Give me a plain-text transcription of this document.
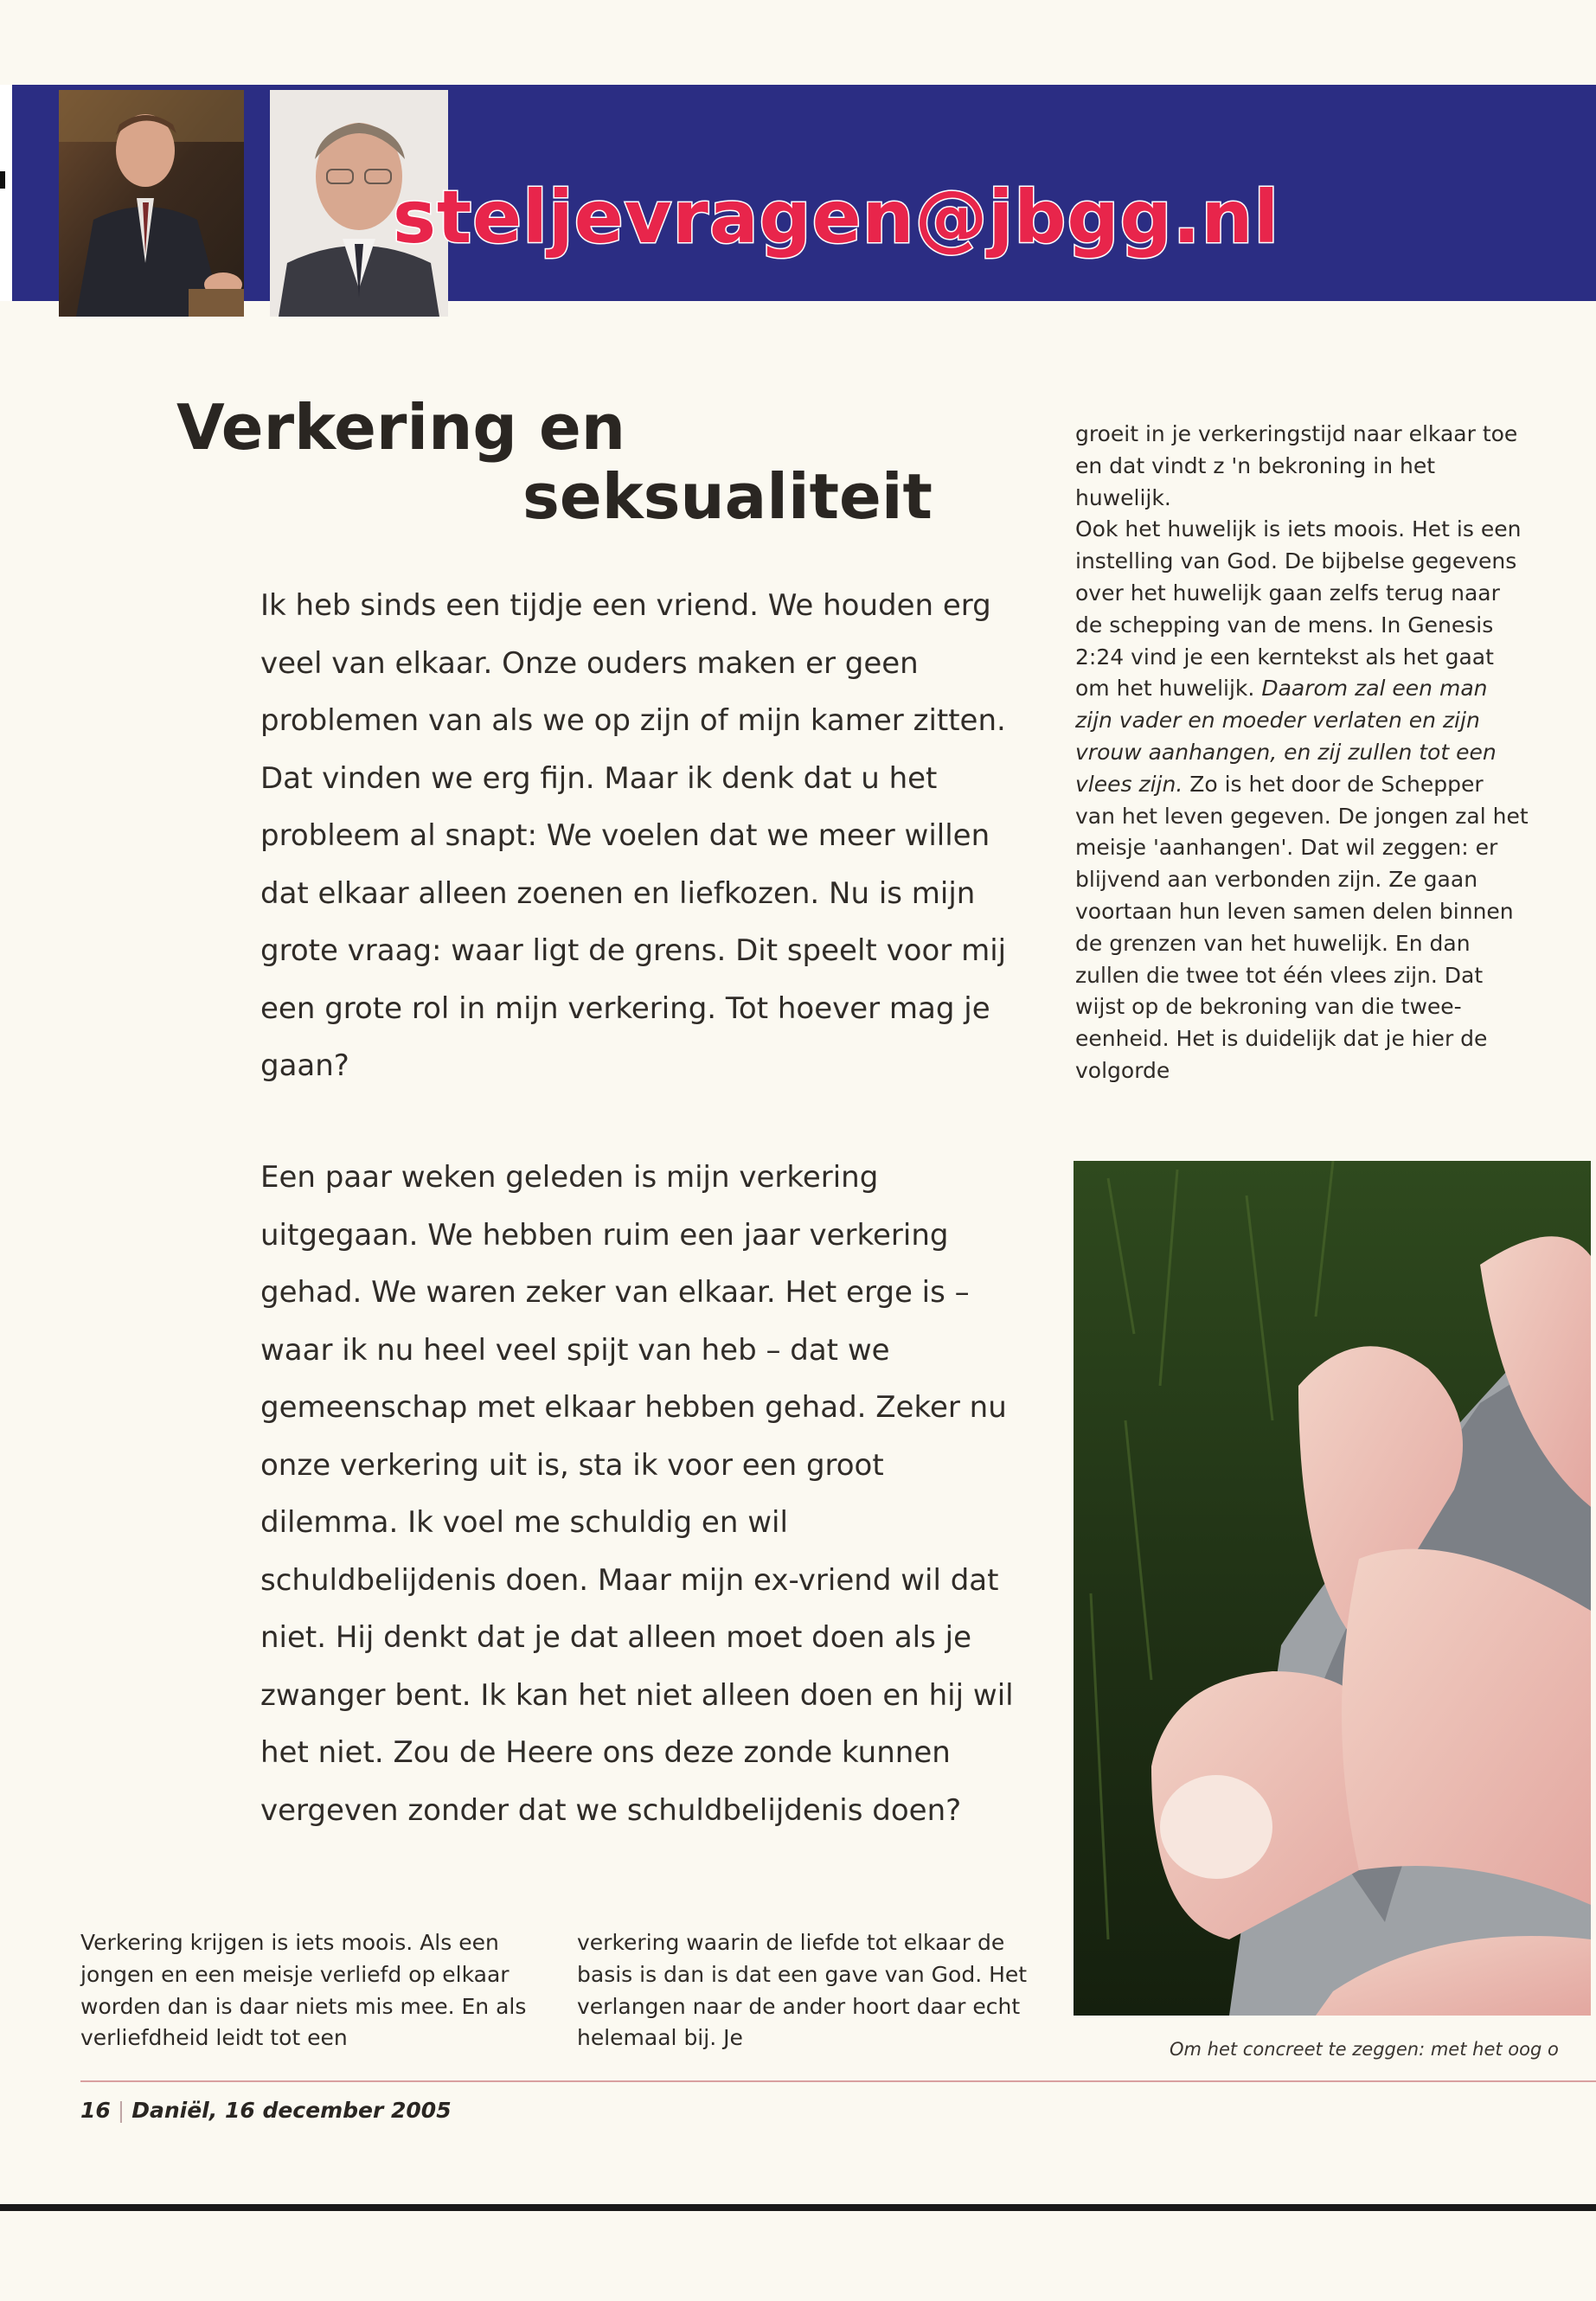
steljevragen@jbgg.nl
Verkering en
seksualiteit
Ik heb sinds een tijdje een vriend. We houden erg veel van elkaar. Onze ouders maken er geen problemen van als we op zijn of mijn kamer zitten. Dat vinden we erg fijn. Maar ik denk dat u het probleem al snapt: We voelen dat we meer willen dat elkaar alleen zoenen en liefkozen. Nu is mijn grote vraag: waar ligt de grens. Dit speelt voor mij een grote rol in mijn verkering. Tot hoever mag je gaan?
Een paar weken geleden is mijn verkering uitgegaan. We hebben ruim een jaar verkering gehad. We waren zeker van elkaar. Het erge is – waar ik nu heel veel spijt van heb – dat we gemeenschap met elkaar hebben gehad. Zeker nu onze verkering uit is, sta ik voor een groot dilemma. Ik voel me schuldig en wil schuldbelijdenis doen. Maar mijn ex-vriend wil dat niet. Hij denkt dat je dat alleen moet doen als je zwanger bent. Ik kan het niet alleen doen en hij wil het niet. Zou de Heere ons deze zonde kunnen vergeven zonder dat we schuldbelijdenis doen?
groeit in je verkeringstijd naar elkaar toe en dat vindt z 'n bekroning in het huwelijk.
Ook het huwelijk is iets moois. Het is een instelling van God. De bijbelse gegevens over het huwelijk gaan zelfs terug naar de schepping van de mens. In Genesis 2:24 vind je een kerntekst als het gaat om het huwelijk. Daarom zal een man zijn vader en moeder verlaten en zijn vrouw aanhangen, en zij zullen tot een vlees zijn. Zo is het door de Schepper van het leven gegeven. De jongen zal het meisje 'aanhangen'. Dat wil zeggen: er blijvend aan verbonden zijn. Ze gaan voortaan hun leven samen delen binnen de grenzen van het huwelijk. En dan zullen die twee tot één vlees zijn. Dat wijst op de bekroning van die twee-eenheid. Het is duidelijk dat je hier de volgorde
Verkering krijgen is iets moois. Als een jongen en een meisje verliefd op elkaar worden dan is daar niets mis mee. En als verliefdheid leidt tot een
verkering waarin de liefde tot elkaar de basis is dan is dat een gave van God. Het verlangen naar de ander hoort daar echt helemaal bij. Je	Om het concreet te zeggen: met het oog o
16 | Daniël, 16 december 2005
